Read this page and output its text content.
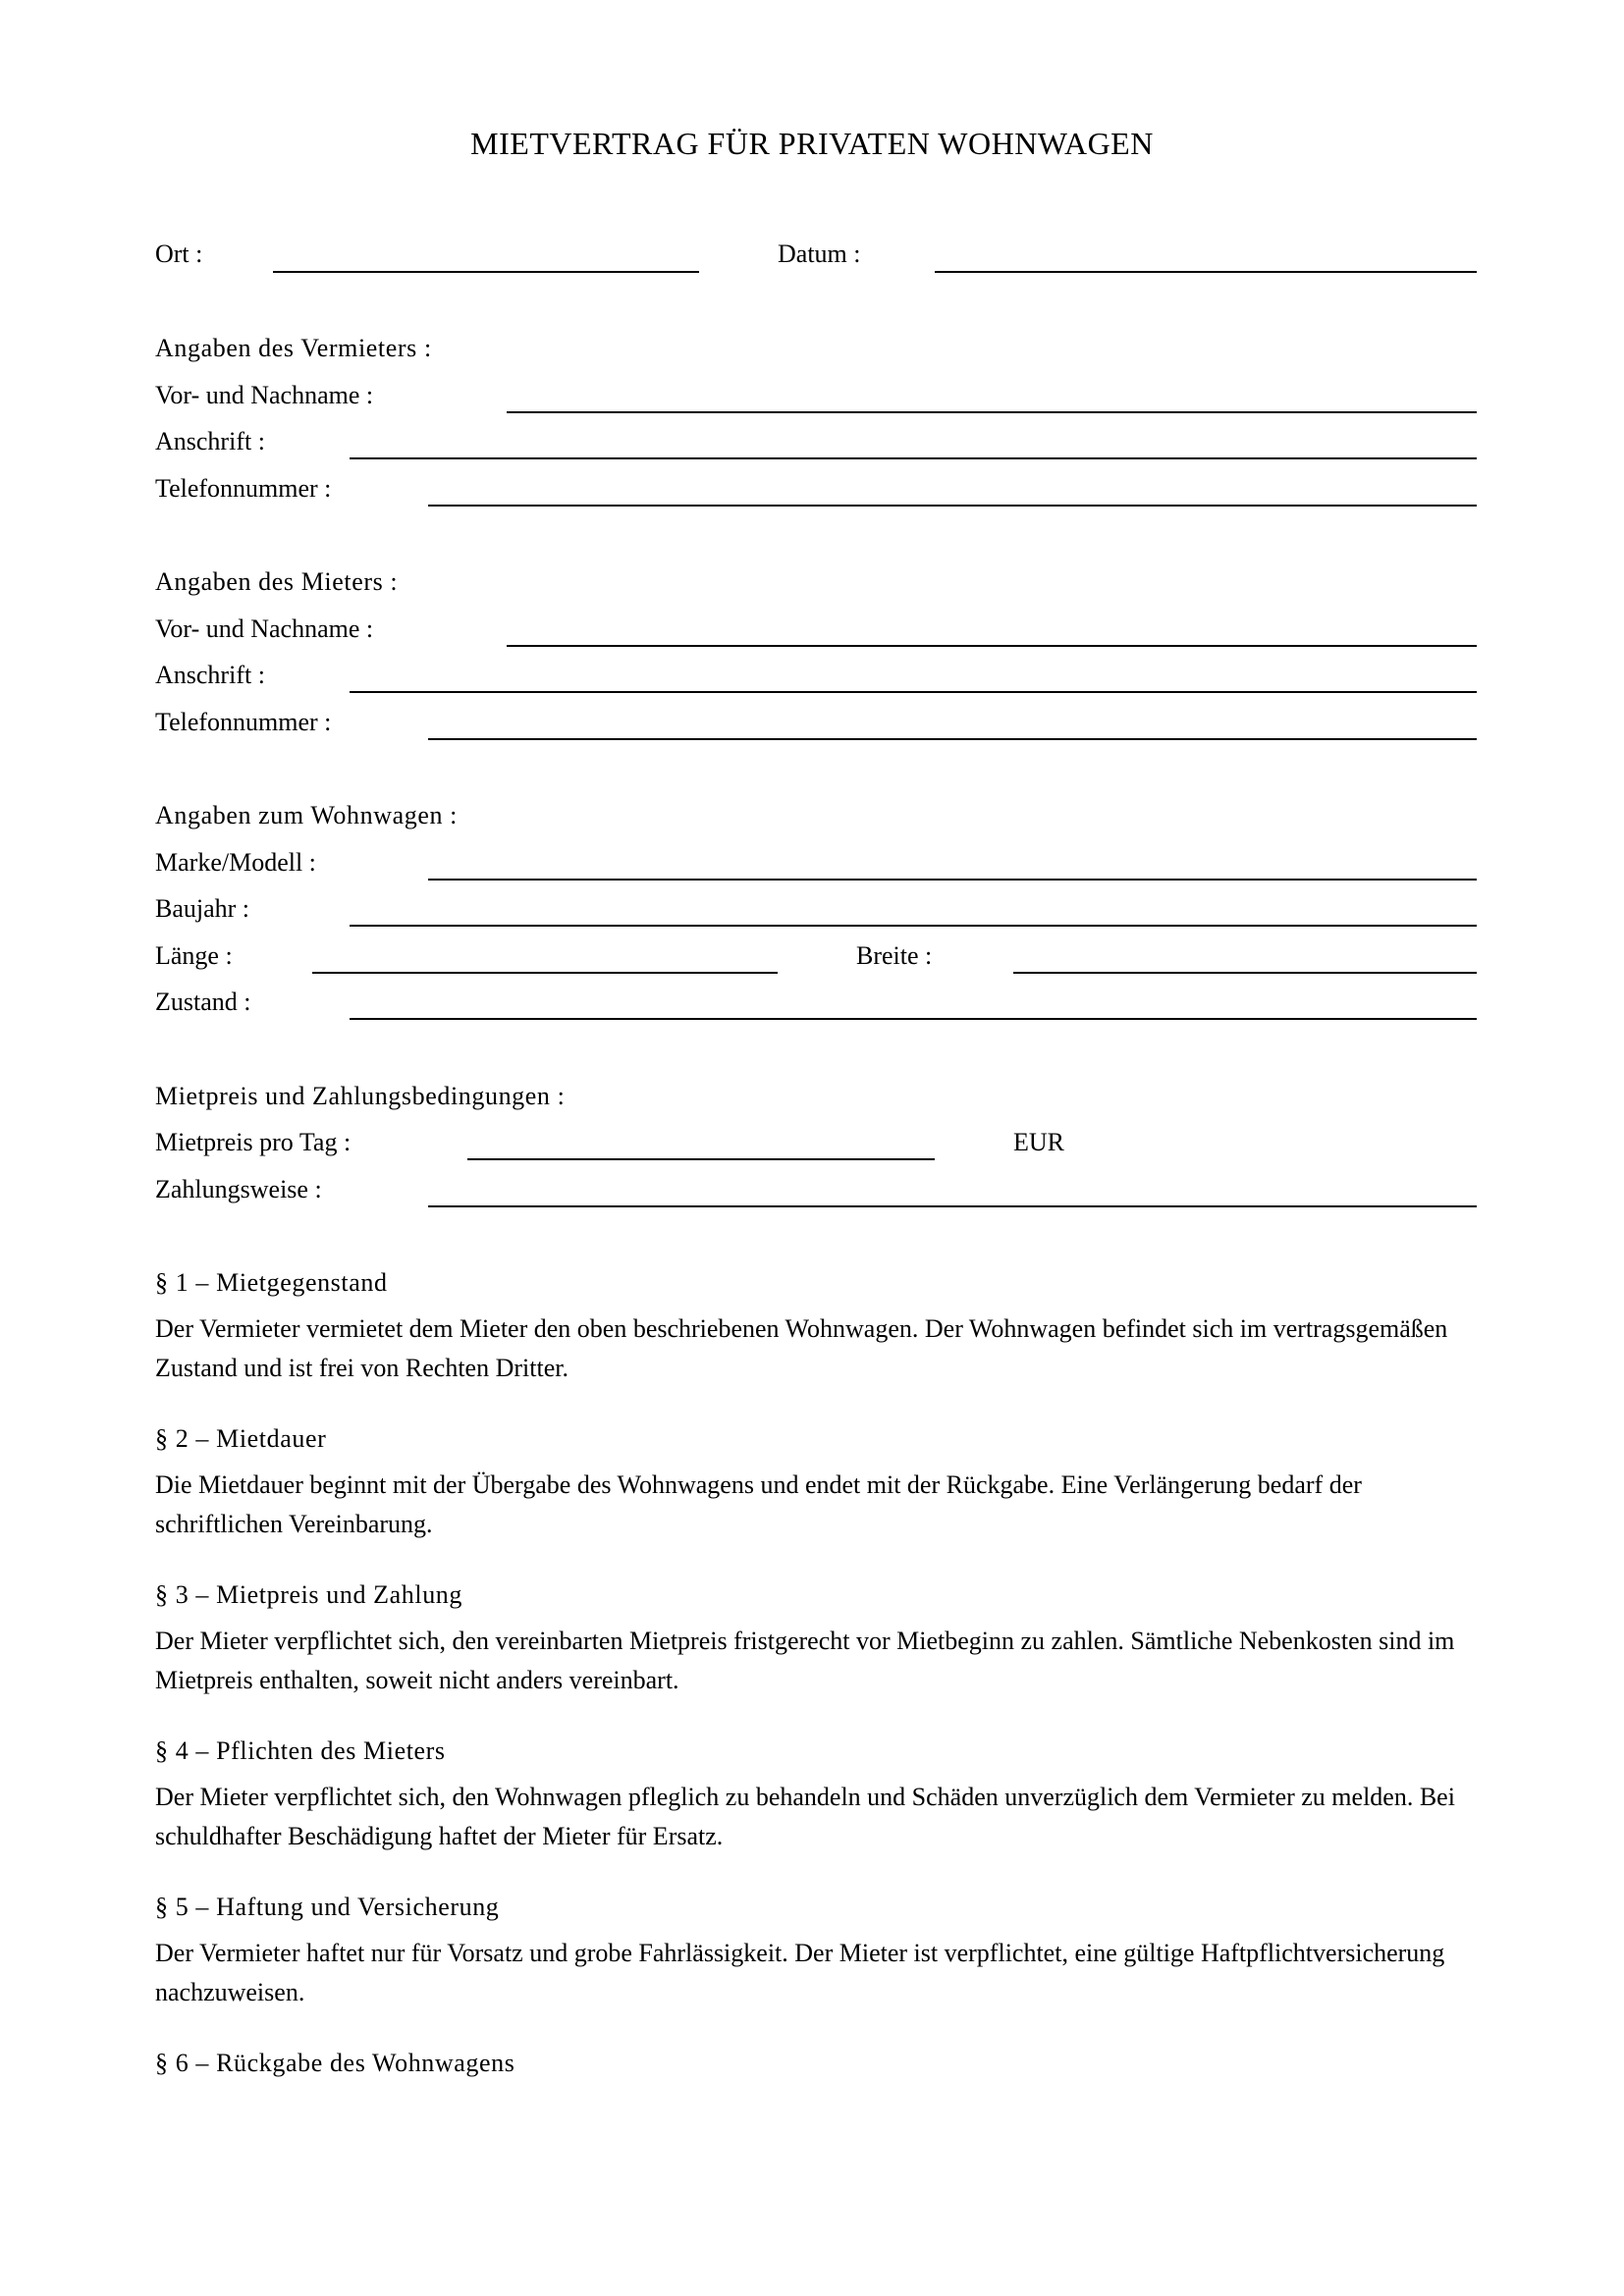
MIETVERTRAG FÜR PRIVATEN WOHNWAGEN
Ort :	Datum :
Angaben des Vermieters :
Vor- und Nachname :
Anschrift :
Telefonnummer :
Angaben des Mieters :
Vor- und Nachname :
Anschrift :
Telefonnummer :
Angaben zum Wohnwagen :
Marke/Modell :
Baujahr :
Länge :	Breite :
Zustand :
Mietpreis und Zahlungsbedingungen :
Mietpreis pro Tag :	EUR
Zahlungsweise :
§ 1 – Mietgegenstand
Der Vermieter vermietet dem Mieter den oben beschriebenen Wohnwagen. Der Wohnwagen befindet sich im vertragsgemäßen Zustand und ist frei von Rechten Dritter.
§ 2 – Mietdauer
Die Mietdauer beginnt mit der Übergabe des Wohnwagens und endet mit der Rückgabe. Eine Verlängerung bedarf der schriftlichen Vereinbarung.
§ 3 – Mietpreis und Zahlung
Der Mieter verpflichtet sich, den vereinbarten Mietpreis fristgerecht vor Mietbeginn zu zahlen. Sämtliche Nebenkosten sind im Mietpreis enthalten, soweit nicht anders vereinbart.
§ 4 – Pflichten des Mieters
Der Mieter verpflichtet sich, den Wohnwagen pfleglich zu behandeln und Schäden unverzüglich dem Vermieter zu melden. Bei schuldhafter Beschädigung haftet der Mieter für Ersatz.
§ 5 – Haftung und Versicherung
Der Vermieter haftet nur für Vorsatz und grobe Fahrlässigkeit. Der Mieter ist verpflichtet, eine gültige Haftpflichtversicherung nachzuweisen.
§ 6 – Rückgabe des Wohnwagens
